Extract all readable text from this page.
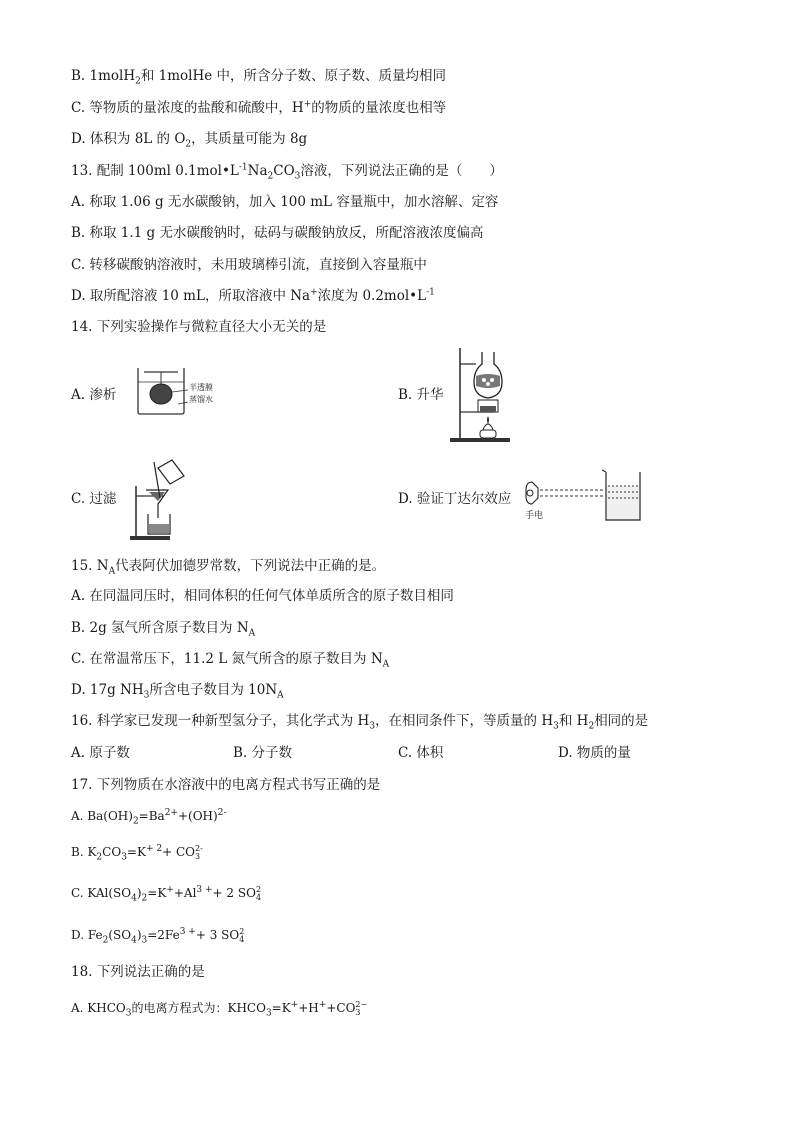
B. 1molH$_2$和 1molHe 中，所含分子数、原子数、质量均相同
C. 等物质的量浓度的盐酸和硫酸中，H+的物质的量浓度也相等
D. 体积为 8L 的 $O_2$，其质量可能为 8g
13. 配制 100ml $0.1mol•L^{-1}Na_2CO_3$溶液，下列说法正确的是（　　）
A. 称取 1.06 g 无水碳酸钠，加入 100 mL 容量瓶中，加水溶解、定容
B. 称取 1.1 g 无水碳酸钠时，砝码与碳酸钠放反，所配溶液浓度偏高
C. 转移碳酸钠溶液时，未用玻璃棒引流，直接倒入容量瓶中
D. 取所配溶液 10 mL，所取溶液中 Na+浓度为 $0.2mol•L^{-1}$
14. 下列实验操作与微粒直径大小无关的是
A. 渗析	半透膜
蒸馏水	B. 升华
C. 过滤	D. 验证丁达尔效应
手电
15. $N_A$代表阿伏加德罗常数，下列说法中正确的是。
A. 在同温同压时，相同体积的任何气体单质所含的原子数目相同
B. 2g 氢气所含原子数目为 $N_A$
C. 在常温常压下，11.2 L 氮气所含的原子数目为 $N_A$
D. 17g $NH_3$所含电子数目为 $10N_A$
16. 科学家已发现一种新型氢分子，其化学式为 $H_3$，在相同条件下，等质量的 $H_3$和 $H_2$相同的是
A. 原子数	B. 分子数	C. 体积	D. 物质的量
17. 下列物质在水溶液中的电离方程式书写正确的是
A. $Ba(OH)_2=Ba^{2+}+(OH)^{2-}$
B. $K_2CO_3=K^{+ 2}+$ CO 2-
3
C. $KAl(SO_4)_2=K^++Al^{3 +}+ 2$ SO 2
4
D. $Fe_2(SO_4)_3=2Fe^{3 +}+ 3$ SO 2
4
18. 下列说法正确的是
A. $KHCO_3$的电离方程式为：$KHCO_3=K^++H^++CO$ 2−
3
